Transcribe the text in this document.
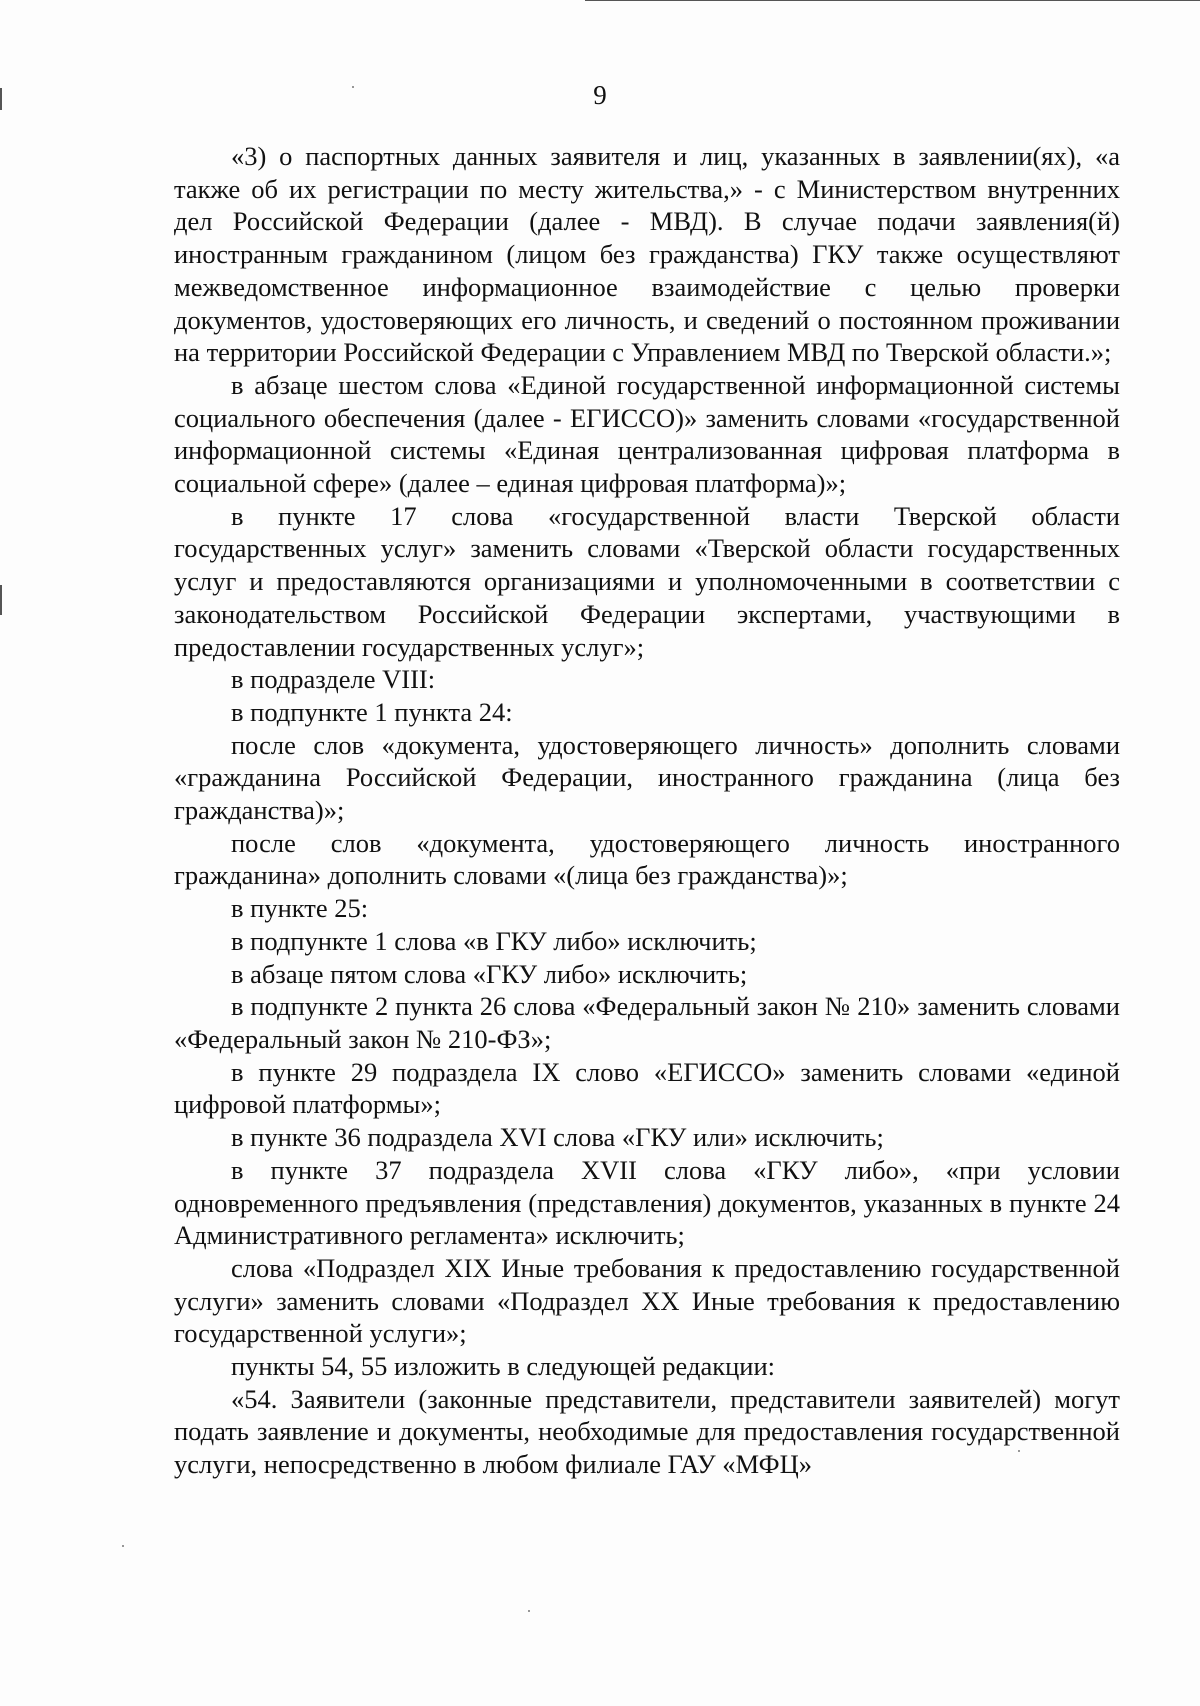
9

«3) о паспортных данных заявителя и лиц, указанных в заявлении(ях), «а также об их регистрации по месту жительства,» - с Министерством внутренних дел Российской Федерации (далее - МВД). В случае подачи заявления(й) иностранным гражданином (лицом без гражданства) ГКУ также осуществляют межведомственное информационное взаимодействие с целью проверки документов, удостоверяющих его личность, и сведений о постоянном проживании на территории Российской Федерации с Управлением МВД по Тверской области.»;

в абзаце шестом слова «Единой государственной информационной системы социального обеспечения (далее - ЕГИССО)» заменить словами «государственной информационной системы «Единая централизованная цифровая платформа в социальной сфере» (далее – единая цифровая платформа)»;

в пункте 17 слова «государственной власти Тверской области государственных услуг» заменить словами «Тверской области государственных услуг и предоставляются организациями и уполномоченными в соответствии с законодательством Российской Федерации экспертами, участвующими в предоставлении государственных услуг»;

в подразделе VIII:

в подпункте 1 пункта 24:

после слов «документа, удостоверяющего личность» дополнить словами «гражданина Российской Федерации, иностранного гражданина (лица без гражданства)»;

после слов «документа, удостоверяющего личность иностранного гражданина» дополнить словами «(лица без гражданства)»;

в пункте 25:

в подпункте 1 слова «в ГКУ либо» исключить;

в абзаце пятом слова «ГКУ либо» исключить;

в подпункте 2 пункта 26 слова «Федеральный закон № 210» заменить словами «Федеральный закон № 210-ФЗ»;

в пункте 29 подраздела IX слово «ЕГИССО» заменить словами «единой цифровой платформы»;

в пункте 36 подраздела XVI слова «ГКУ или» исключить;

в пункте 37 подраздела XVII слова «ГКУ либо», «при условии одновременного предъявления (представления) документов, указанных в пункте 24 Административного регламента» исключить;

слова «Подраздел XIX Иные требования к предоставлению государственной услуги» заменить словами «Подраздел XX Иные требования к предоставлению государственной услуги»;

пункты 54, 55 изложить в следующей редакции:

«54. Заявители (законные представители, представители заявителей) могут подать заявление и документы, необходимые для предоставления государственной услуги, непосредственно в любом филиале ГАУ «МФЦ»
